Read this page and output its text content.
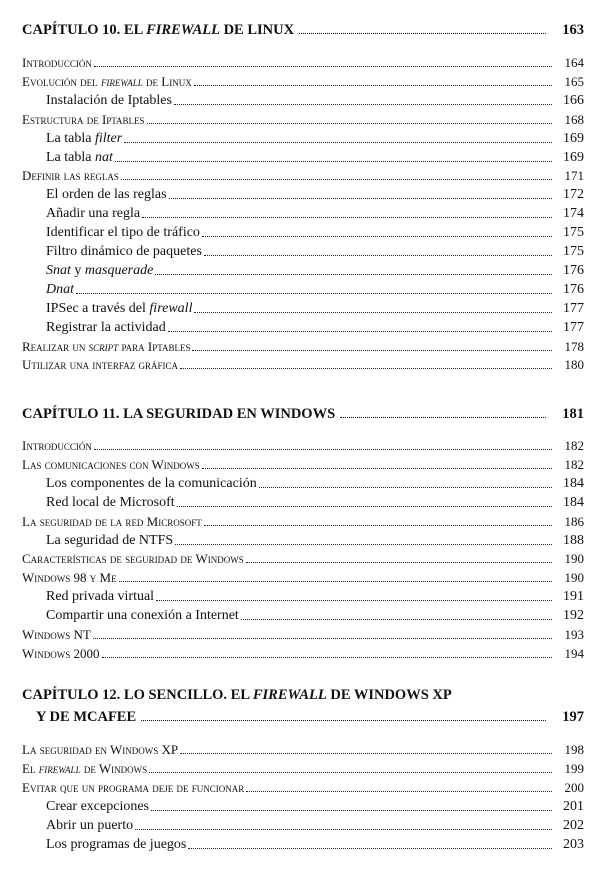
CAPÍTULO 10. EL FIREWALL DE LINUX	163
Introducción	164
Evolución del firewall de Linux	165
Instalación de Iptables	166
Estructura de Iptables	168
La tabla filter	169
La tabla nat	169
Definir las reglas	171
El orden de las reglas	172
Añadir una regla	174
Identificar el tipo de tráfico	175
Filtro dinámico de paquetes	175
Snat y masquerade	176
Dnat	176
IPSec a través del firewall	177
Registrar la actividad	177
Realizar un script para Iptables	178
Utilizar una interfaz gráfica	180
CAPÍTULO 11. LA SEGURIDAD EN WINDOWS	181
Introducción	182
Las comunicaciones con Windows	182
Los componentes de la comunicación	184
Red local de Microsoft	184
La seguridad de la red Microsoft	186
La seguridad de NTFS	188
Características de seguridad de Windows	190
Windows 98 y Me	190
Red privada virtual	191
Compartir una conexión a Internet	192
Windows NT	193
Windows 2000	194
CAPÍTULO 12. LO SENCILLO. EL FIREWALL DE WINDOWS XP
Y DE MCAFEE	197
La seguridad en Windows XP	198
El firewall de Windows	199
Evitar que un programa deje de funcionar	200
Crear excepciones	201
Abrir un puerto	202
Los programas de juegos	203
